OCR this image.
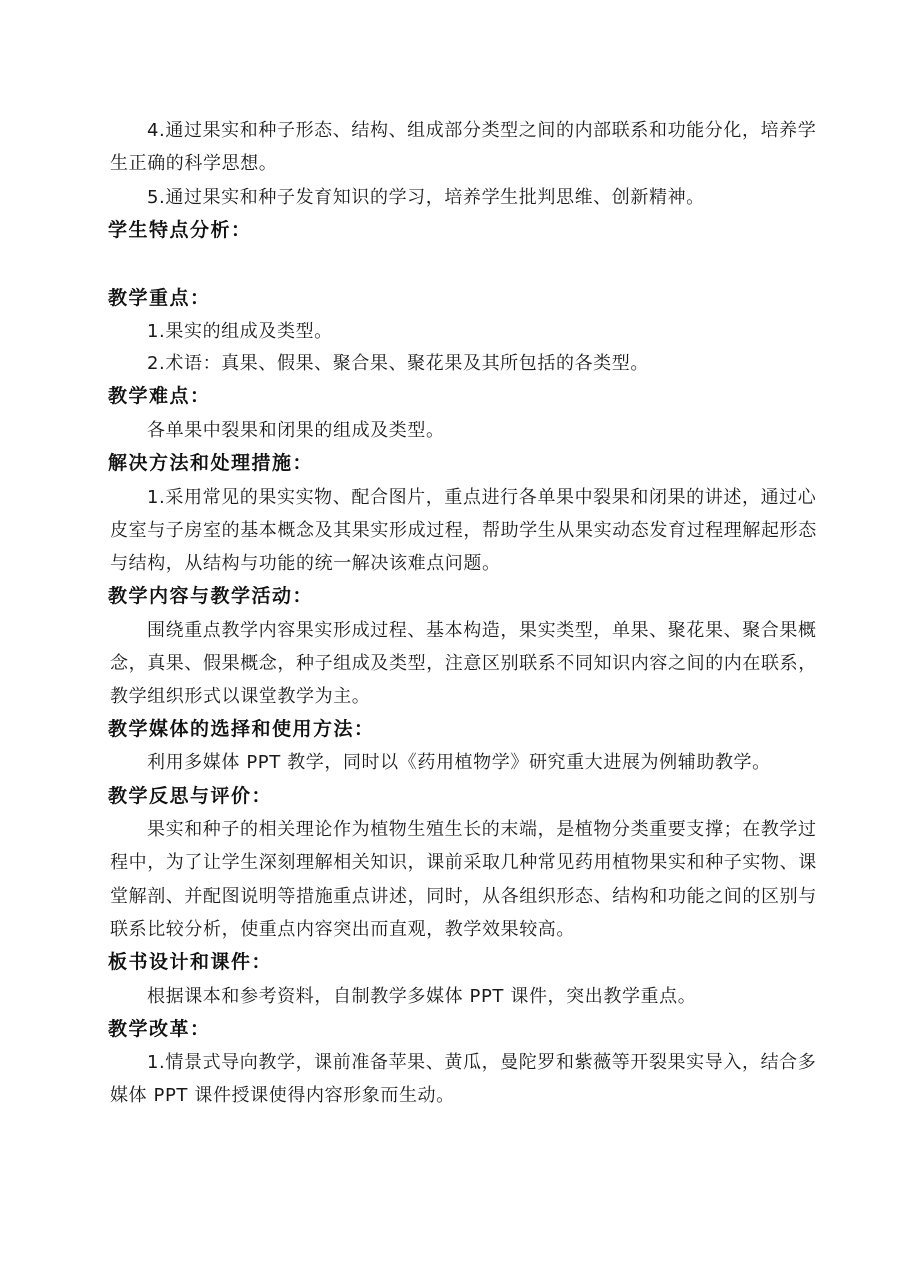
4.通过果实和种子形态、结构、组成部分类型之间的内部联系和功能分化，培养学
生正确的科学思想。
5.通过果实和种子发育知识的学习，培养学生批判思维、创新精神。
学生特点分析：
教学重点：
1.果实的组成及类型。
2.术语：真果、假果、聚合果、聚花果及其所包括的各类型。
教学难点：
各单果中裂果和闭果的组成及类型。
解决方法和处理措施：
1.采用常见的果实实物、配合图片，重点进行各单果中裂果和闭果的讲述，通过心
皮室与子房室的基本概念及其果实形成过程，帮助学生从果实动态发育过程理解起形态
与结构，从结构与功能的统一解决该难点问题。
教学内容与教学活动：
围绕重点教学内容果实形成过程、基本构造，果实类型，单果、聚花果、聚合果概
念，真果、假果概念，种子组成及类型，注意区别联系不同知识内容之间的内在联系，
教学组织形式以课堂教学为主。
教学媒体的选择和使用方法：
利用多媒体 PPT 教学，同时以《药用植物学》研究重大进展为例辅助教学。
教学反思与评价：
果实和种子的相关理论作为植物生殖生长的末端，是植物分类重要支撑；在教学过
程中，为了让学生深刻理解相关知识，课前采取几种常见药用植物果实和种子实物、课
堂解剖、并配图说明等措施重点讲述，同时，从各组织形态、结构和功能之间的区别与
联系比较分析，使重点内容突出而直观，教学效果较高。
板书设计和课件：
根据课本和参考资料，自制教学多媒体 PPT 课件，突出教学重点。
教学改革：
1.情景式导向教学，课前准备苹果、黄瓜，曼陀罗和紫薇等开裂果实导入，结合多
媒体 PPT 课件授课使得内容形象而生动。
